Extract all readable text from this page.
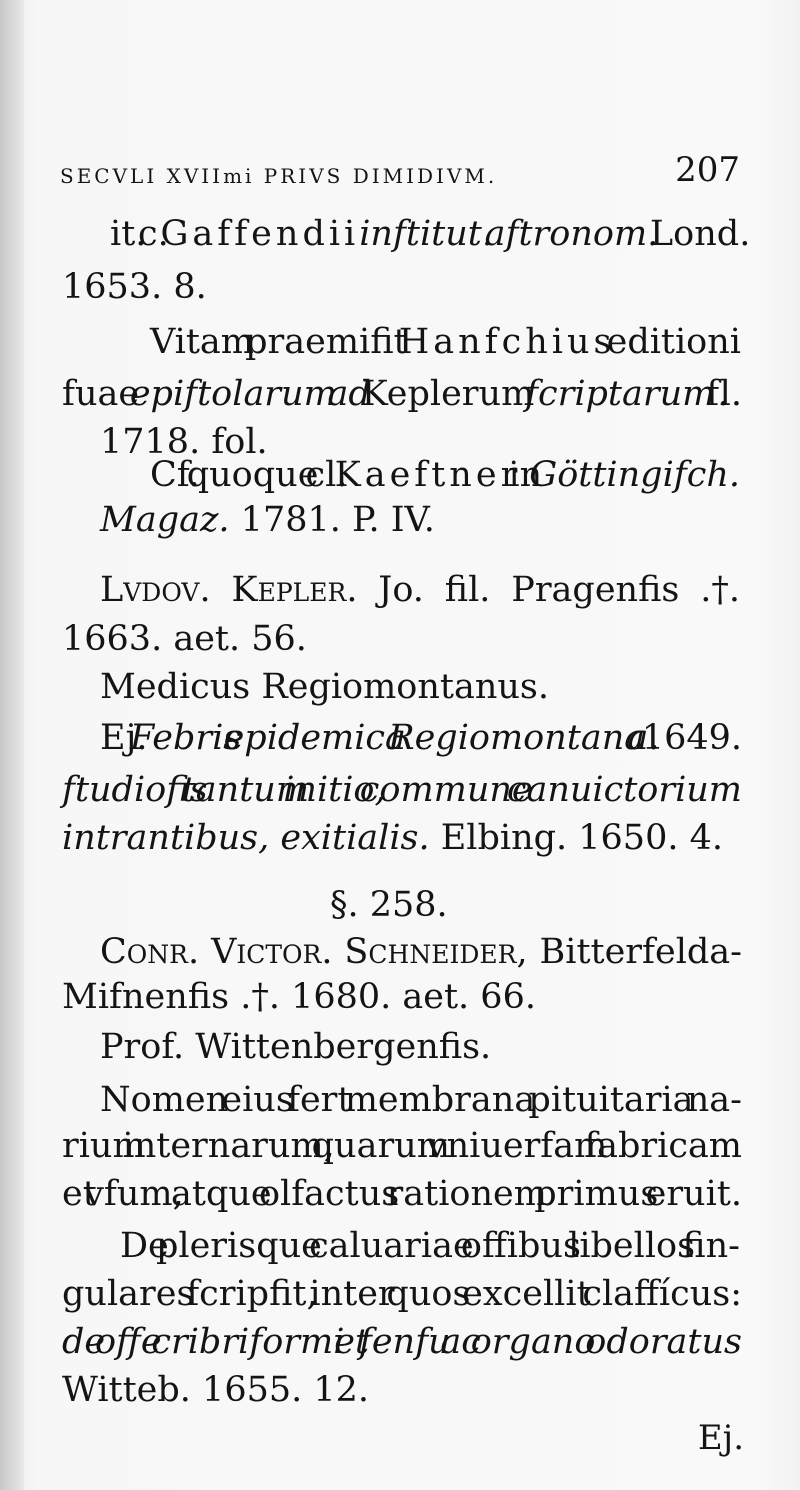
SECVLI XVIImi PRIVS DIMIDIVM.	207
it. c. Gaffendii inftitut. aftronom. Lond.
1653. 8.
Vitam praemifit Hanfchius editioni
fuae epiftolarum ad Keplerum fcriptarum f. l.
1718. fol.
Cf. quoque cl. Kaeftner in Göttingifch.
Magaz. 1781. P. IV.
Lvdov. Kepler. Jo. fil. Pragenfis .†.
1663. aet. 56.
Medicus Regiomontanus.
Ej. Febris epidemica Regiomontana a. 1649.
ftudiofis tantum initio, commune canuictorium
intrantibus, exitialis. Elbing. 1650. 4.
§. 258.
Conr. Victor. Schneider, Bitterfelda-
Mifnenfis .†. 1680. aet. 66.
Prof. Wittenbergenfis.
Nomen eius fert membrana pituitaria na-
rium internarum, quarum vniuerfam fabricam
et vfum, atque olfactus rationem primus eruit.
De plerisque caluariae offibus libellos fin-
gulares fcripfit, inter quos excellit claffícus:
de offe cribriformi et fenfu ac organo odoratus
Witteb. 1655. 12.
Ej.
